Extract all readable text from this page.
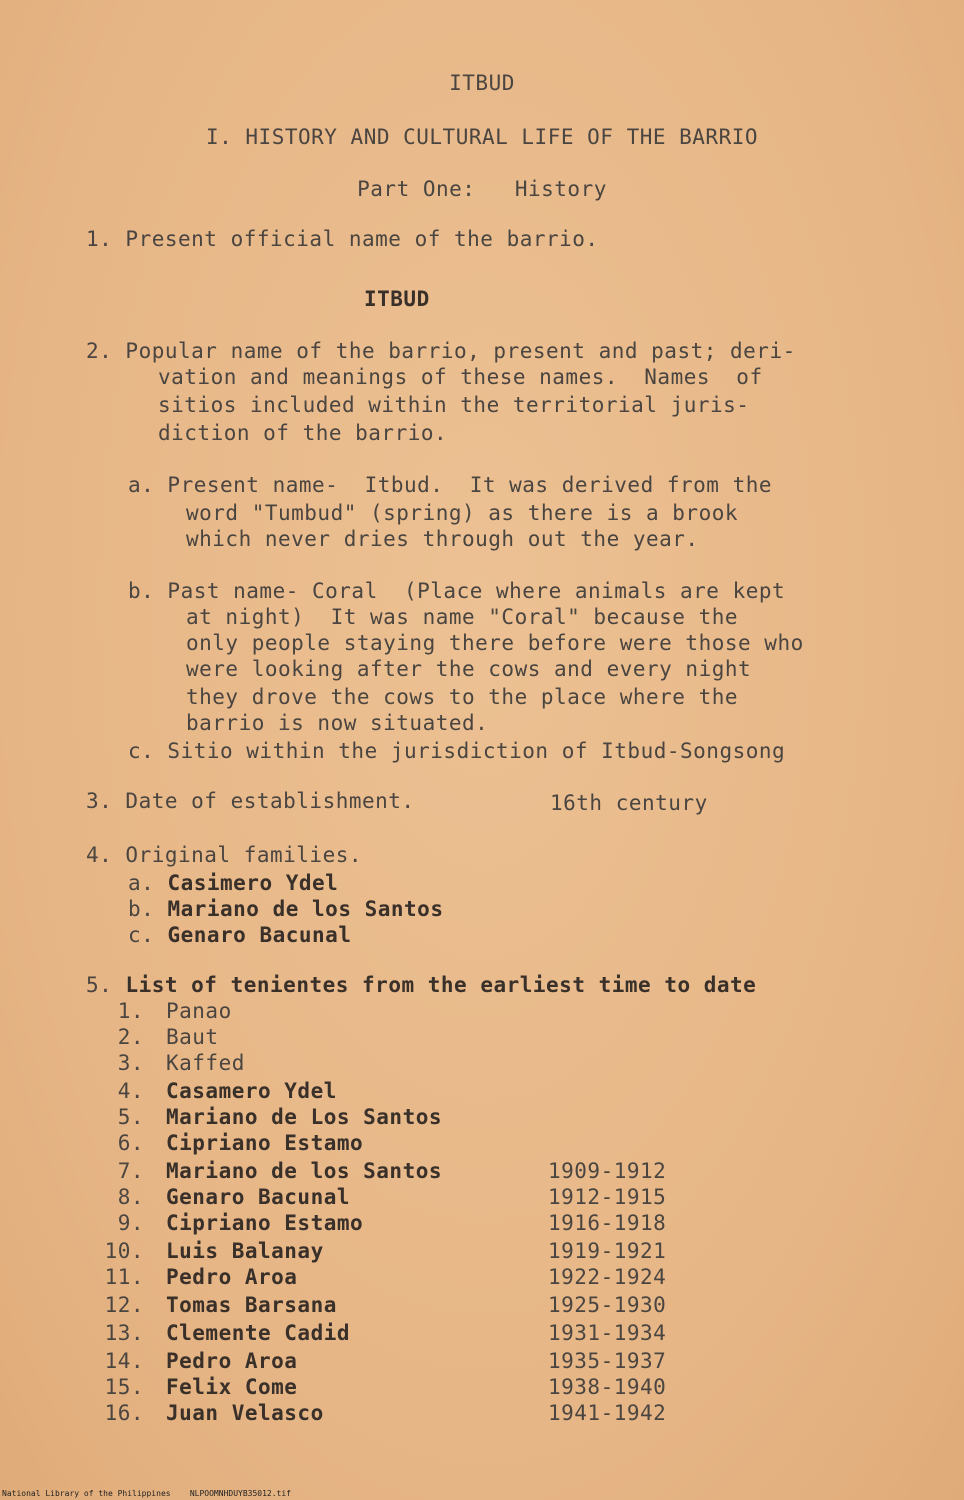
ITBUD
I. HISTORY AND CULTURAL LIFE OF THE BARRIO
Part One:   History
1. Present official name of the barrio.
ITBUD
2. Popular name of the barrio, present and past; deri-
vation and meanings of these names.  Names  of
sitios included within the territorial juris-
diction of the barrio.
a. Present name-  Itbud.  It was derived from the
word "Tumbud" (spring) as there is a brook
which never dries through out the year.
b. Past name- Coral  (Place where animals are kept
at night)  It was name "Coral" because the
only people staying there before were those who
were looking after the cows and every night
they drove the cows to the place where the
barrio is now situated.
c. Sitio within the jurisdiction of Itbud-Songsong
3. Date of establishment.	16th century
4. Original families.
a. Casimero Ydel
b. Mariano de los Santos
c. Genaro Bacunal
5. List of tenientes from the earliest time to date
1. Panao
2. Baut
3. Kaffed
4. Casamero Ydel
5. Mariano de Los Santos
6. Cipriano Estamo
7. Mariano de los Santos	1909-1912
8. Genaro Bacunal	1912-1915
9. Cipriano Estamo	1916-1918
10. Luis Balanay	1919-1921
11. Pedro Aroa	1922-1924
12. Tomas Barsana	1925-1930
13. Clemente Cadid	1931-1934
14. Pedro Aroa	1935-1937
15. Felix Come	1938-1940
16. Juan Velasco	1941-1942
National Library of the Philippines NLPOOMNHDUYB35012.tif
